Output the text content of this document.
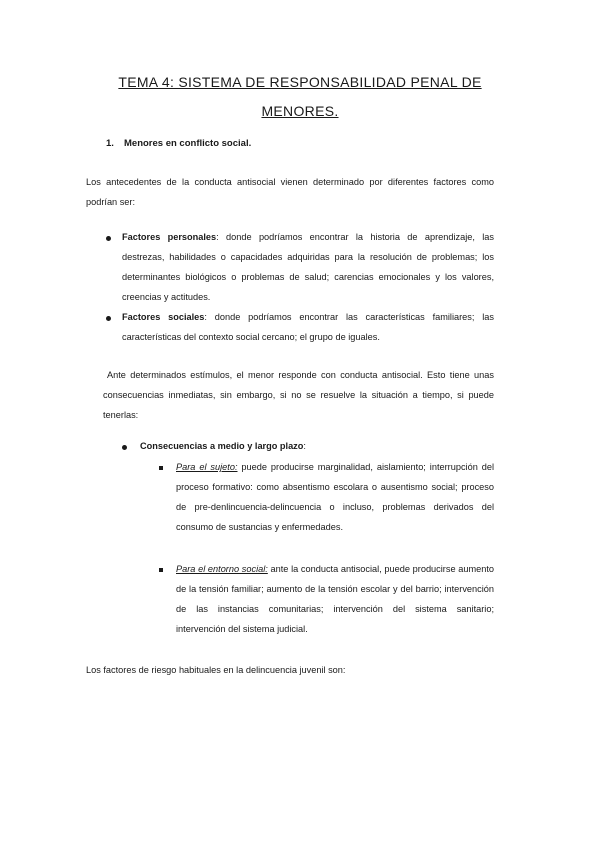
TEMA 4: SISTEMA DE RESPONSABILIDAD PENAL DE
MENORES.
1. Menores en conflicto social.
Los antecedentes de la conducta antisocial vienen determinado por diferentes factores como podrían ser:
Factores personales: donde podríamos encontrar la historia de aprendizaje, las destrezas, habilidades o capacidades adquiridas para la resolución de problemas; los determinantes biológicos o problemas de salud; carencias emocionales y los valores, creencias y actitudes.
Factores sociales: donde podríamos encontrar las características familiares; las características del contexto social cercano; el grupo de iguales.
Ante determinados estímulos, el menor responde con conducta antisocial. Esto tiene unas consecuencias inmediatas, sin embargo, si no se resuelve la situación a tiempo, si puede tenerlas:
Consecuencias a medio y largo plazo:
Para el sujeto: puede producirse marginalidad, aislamiento; interrupción del proceso formativo: como absentismo escolara o ausentismo social; proceso de pre-denlincuencia-delincuencia o incluso, problemas derivados del consumo de sustancias y enfermedades.
Para el entorno social: ante la conducta antisocial, puede producirse aumento de la tensión familiar; aumento de la tensión escolar y del barrio; intervención de las instancias comunitarias; intervención del sistema sanitario; intervención del sistema judicial.
Los factores de riesgo habituales en la delincuencia juvenil son:
